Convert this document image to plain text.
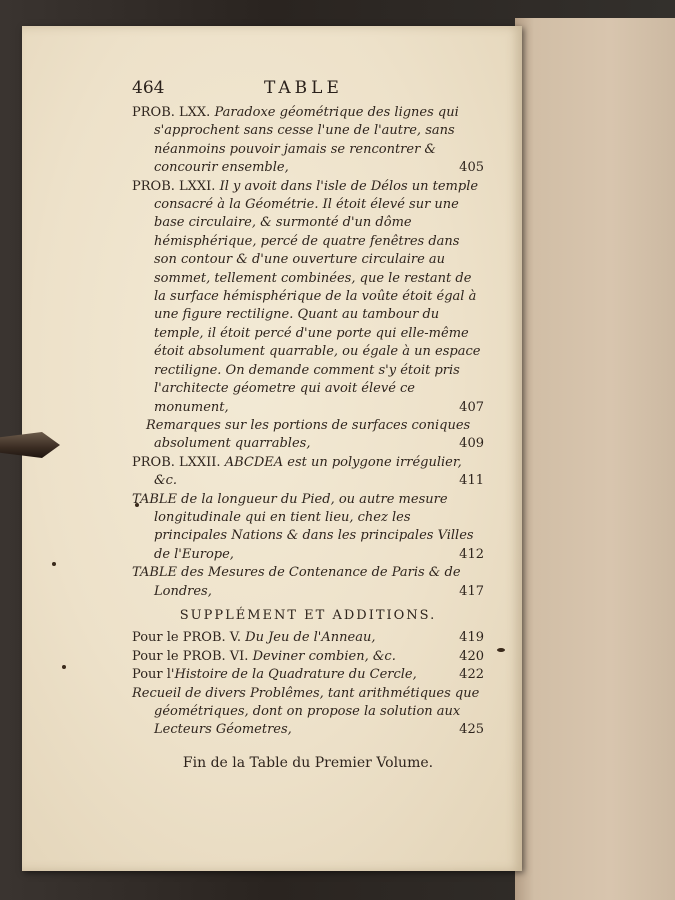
464	TABLE

PROB. LXX. Paradoxe géométrique des lignes qui s'approchent sans cesse l'une de l'autre, sans néanmoins pouvoir jamais se rencontrer & concourir ensemble,	405

PROB. LXXI. Il y avoit dans l'isle de Délos un temple consacré à la Géométrie. Il étoit élevé sur une base circulaire, & surmonté d'un dôme hémisphérique, percé de quatre fenêtres dans son contour & d'une ouverture circulaire au sommet, tellement combinées, que le restant de la surface hémisphérique de la voûte étoit égal à une figure rectiligne. Quant au tambour du temple, il étoit percé d'une porte qui elle-même étoit absolument quarrable, ou égale à un espace rectiligne. On demande comment s'y étoit pris l'architecte géometre qui avoit élevé ce monument,	407

Remarques sur les portions de surfaces coniques absolument quarrables,	409

PROB. LXXII. ABCDEA est un polygone irrégulier, &c.	411

TABLE de la longueur du Pied, ou autre mesure longitudinale qui en tient lieu, chez les principales Nations & dans les principales Villes de l'Europe,	412

TABLE des Mesures de Contenance de Paris & de Londres,	417

SUPPLÉMENT ET ADDITIONS.

Pour le PROB. V. Du Jeu de l'Anneau,	419

Pour le PROB. VI. Deviner combien, &c.	420

Pour l'Histoire de la Quadrature du Cercle,	422

Recueil de divers Problêmes, tant arithmétiques que géométriques, dont on propose la solution aux Lecteurs Géometres,	425

Fin de la Table du Premier Volume.
